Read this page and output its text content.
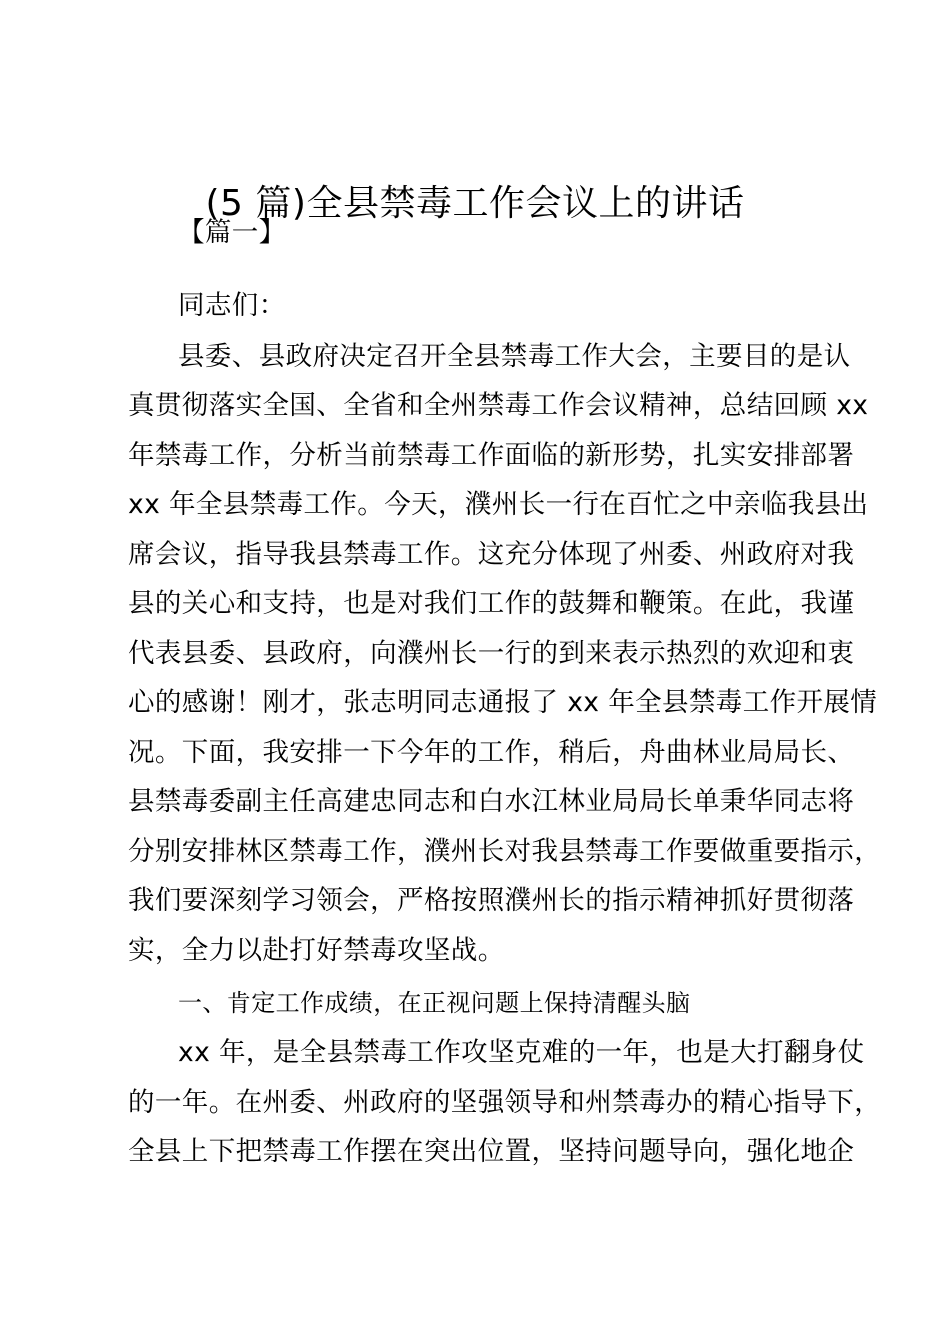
(5 篇)全县禁毒工作会议上的讲话
【篇一】
同志们：
县委、县政府决定召开全县禁毒工作大会，主要目的是认
真贯彻落实全国、全省和全州禁毒工作会议精神，总结回顾 xx
年禁毒工作，分析当前禁毒工作面临的新形势，扎实安排部署
xx 年全县禁毒工作。今天，濮州长一行在百忙之中亲临我县出
席会议，指导我县禁毒工作。这充分体现了州委、州政府对我
县的关心和支持，也是对我们工作的鼓舞和鞭策。在此，我谨
代表县委、县政府，向濮州长一行的到来表示热烈的欢迎和衷
心的感谢！刚才，张志明同志通报了 xx 年全县禁毒工作开展情
况。下面，我安排一下今年的工作，稍后，舟曲林业局局长、
县禁毒委副主任高建忠同志和白水江林业局局长单秉华同志将
分别安排林区禁毒工作，濮州长对我县禁毒工作要做重要指示，
我们要深刻学习领会，严格按照濮州长的指示精神抓好贯彻落
实，全力以赴打好禁毒攻坚战。
一、肯定工作成绩，在正视问题上保持清醒头脑
xx 年，是全县禁毒工作攻坚克难的一年，也是大打翻身仗
的一年。在州委、州政府的坚强领导和州禁毒办的精心指导下，
全县上下把禁毒工作摆在突出位置，坚持问题导向，强化地企
